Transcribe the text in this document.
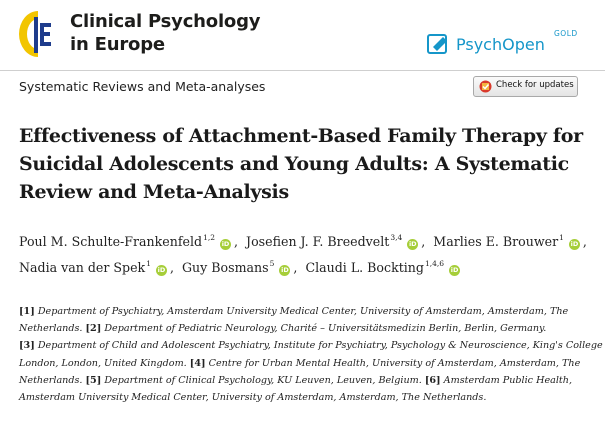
Clinical Psychology
in Europe	PsychOpen
GOLD
Systematic Reviews and Meta-analyses	Check for updates
Effectiveness of Attachment-Based Family Therapy for
Suicidal Adolescents and Young Adults: A Systematic
Review and Meta-Analysis
Poul M. Schulte-Frankenfeld$^{1,2}$iD , Josefien J. F. Breedvelt$^{3,4}$iD , Marlies E. Brouwer$^1$iD ,
Nadia van der Spek$^1$iD , Guy Bosmans$^5$iD , Claudi L. Bockting$^{1,4,6}$iD
[1] Department of Psychiatry, Amsterdam University Medical Center, University of Amsterdam, Amsterdam, The
Netherlands. [2] Department of Pediatric Neurology, Charité – Universitätsmedizin Berlin, Berlin, Germany.
[3] Department of Child and Adolescent Psychiatry, Institute for Psychiatry, Psychology & Neuroscience, King's College
London, London, United Kingdom. [4] Centre for Urban Mental Health, University of Amsterdam, Amsterdam, The
Netherlands. [5] Department of Clinical Psychology, KU Leuven, Leuven, Belgium. [6] Amsterdam Public Health,
Amsterdam University Medical Center, University of Amsterdam, Amsterdam, The Netherlands.
